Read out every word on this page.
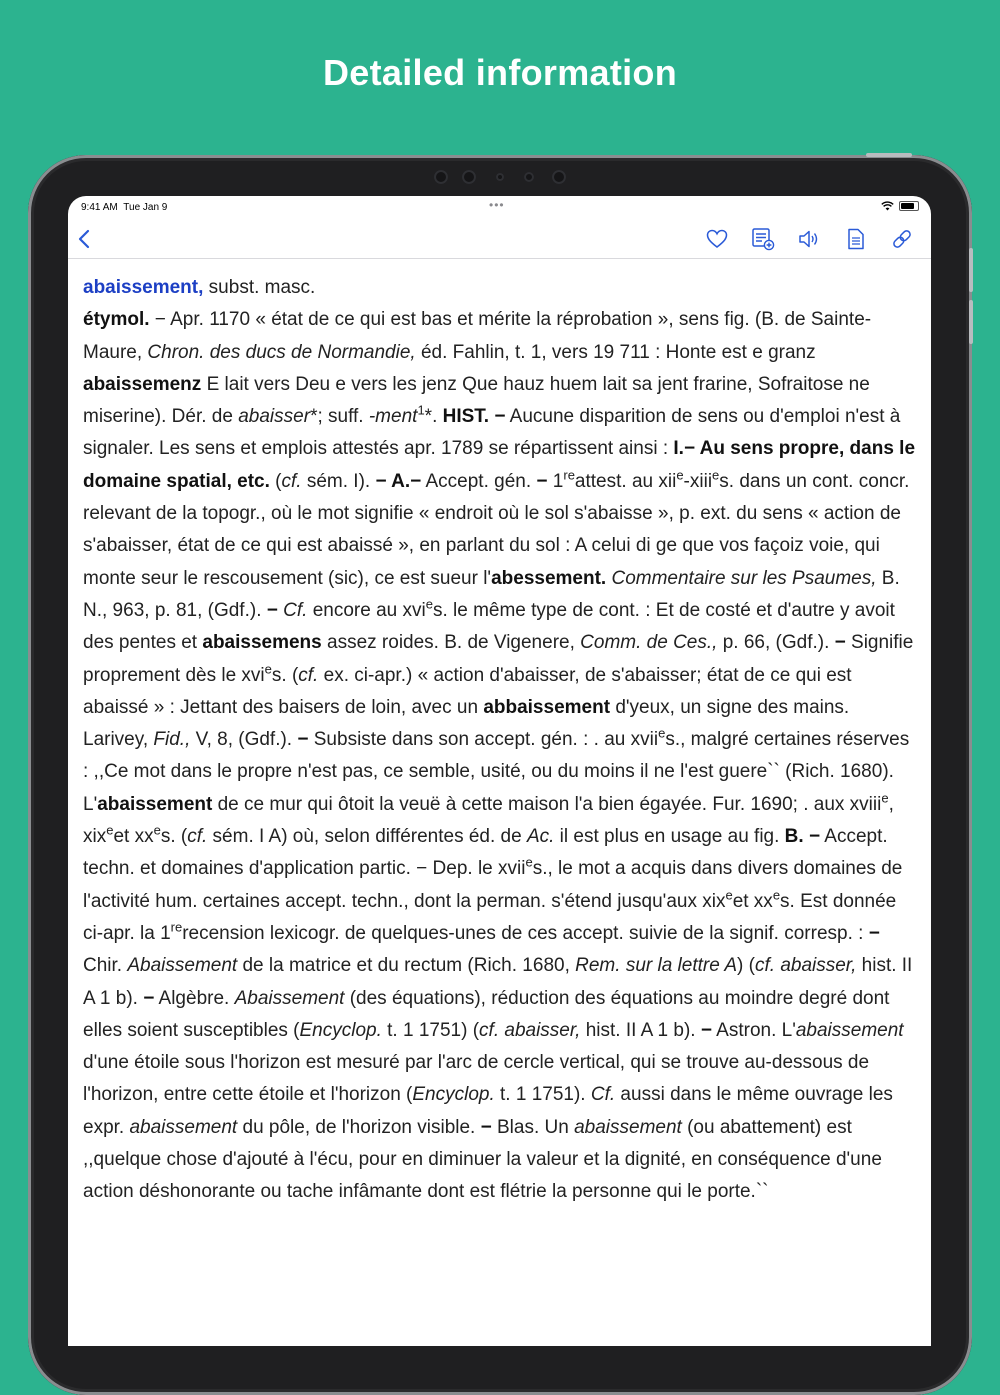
Detailed information
9:41 AM Tue Jan 9	•••

abaissement, subst. masc.

étymol. − Apr. 1170 « état de ce qui est bas et mérite la réprobation », sens fig. (B. de Sainte-Maure, Chron. des ducs de Normandie, éd. Fahlin, t. 1, vers 19 711 : Honte est e granz abaissemenz E lait vers Deu e vers les jenz Que hauz huem lait sa jent frarine, Sofraitose ne miserine). Dér. de abaisser*; suff. -ment$^1$*. HIST. − Aucune disparition de sens ou d'emploi n'est à signaler. Les sens et emplois attestés apr. 1789 se répartissent ainsi : I.− Au sens propre, dans le domaine spatial, etc. (cf. sém. I). − A.− Accept. gén. − 1reattest. au xii$^e$-xiii$^e$s. dans un cont. concr. relevant de la topogr., où le mot signifie « endroit où le sol s'abaisse », p. ext. du sens « action de s'abaisser, état de ce qui est abaissé », en parlant du sol : A celui di ge que vos façoiz voie, qui monte seur le rescousement (sic), ce est sueur l'abessement. Commentaire sur les Psaumes, B. N., 963, p. 81, (Gdf.). − Cf. encore au xvi$^e$s. le même type de cont. : Et de costé et d'autre y avoit des pentes et abaissemens assez roides. B. de Vigenere, Comm. de Ces., p. 66, (Gdf.). − Signifie proprement dès le xvi$^e$s. (cf. ex. ci-apr.) « action d'abaisser, de s'abaisser; état de ce qui est abaissé » : Jettant des baisers de loin, avec un abbaissement d'yeux, un signe des mains. Larivey, Fid., V, 8, (Gdf.). − Subsiste dans son accept. gén. : . au xvii$^e$s., malgré certaines réserves : ,,Ce mot dans le propre n'est pas, ce semble, usité, ou du moins il ne l'est guere`` (Rich. 1680). L'abaissement de ce mur qui ôtoit la veuë à cette maison l'a bien égayée. Fur. 1690; . aux xviii$^e$, xix$^e$et $xx^es$. (cf. sém. I A) où, selon différentes éd. de Ac. il est plus en usage au fig. B. − Accept. techn. et domaines d'application partic. − Dep. le xvii$^e$s., le mot a acquis dans divers domaines de l'activité hum. certaines accept. techn., dont la perman. s'étend jusqu'aux xix$^e$et $xx^es$. Est donnée ci-apr. la 1rerecension lexicogr. de quelques-unes de ces accept. suivie de la signif. corresp. : − Chir. Abaissement de la matrice et du rectum (Rich. 1680, Rem. sur la lettre A) (cf. abaisser, hist. II A 1 b). − Algèbre. Abaissement (des équations), réduction des équations au moindre degré dont elles soient susceptibles (Encyclop. t. 1 1751) (cf. abaisser, hist. II A 1 b). − Astron. L'abaissement d'une étoile sous l'horizon est mesuré par l'arc de cercle vertical, qui se trouve au-dessous de l'horizon, entre cette étoile et l'horizon (Encyclop. t. 1 1751). Cf. aussi dans le même ouvrage les expr. abaissement du pôle, de l'horizon visible. − Blas. Un abaissement (ou abattement) est ,,quelque chose d'ajouté à l'écu, pour en diminuer la valeur et la dignité, en conséquence d'une action déshonorante ou tache infâmante dont est flétrie la personne qui le porte.``
